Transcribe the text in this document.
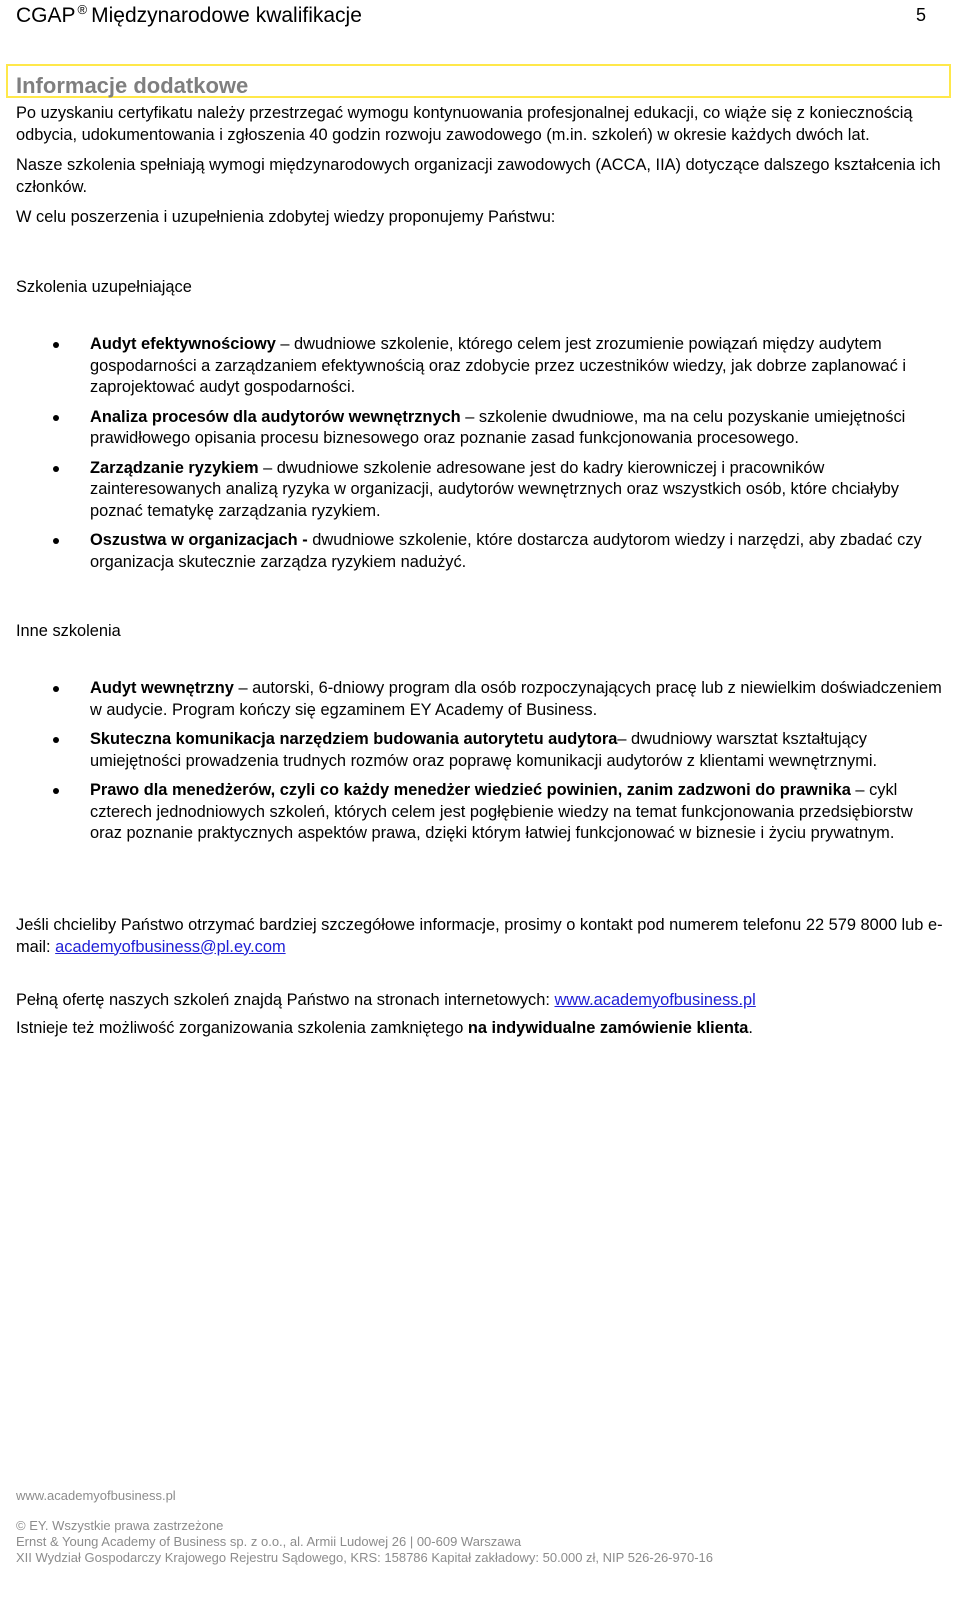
CGAP ® Międzynarodowe kwalifikacje	5
Informacje dodatkowe

Po uzyskaniu certyfikatu należy przestrzegać wymogu kontynuowania profesjonalnej edukacji, co wiąże się z koniecznością odbycia, udokumentowania i zgłoszenia 40 godzin rozwoju zawodowego (m.in. szkoleń) w okresie każdych dwóch lat.

Nasze szkolenia spełniają wymogi międzynarodowych organizacji zawodowych (ACCA, IIA) dotyczące dalszego kształcenia ich członków.

W celu poszerzenia i uzupełnienia zdobytej wiedzy proponujemy Państwu:

Szkolenia uzupełniające
Audyt efektywnościowy – dwudniowe szkolenie, którego celem jest zrozumienie powiązań między audytem gospodarności a zarządzaniem efektywnością oraz zdobycie przez uczestników wiedzy, jak dobrze zaplanować i zaprojektować audyt gospodarności.
Analiza procesów dla audytorów wewnętrznych – szkolenie dwudniowe, ma na celu pozyskanie umiejętności prawidłowego opisania procesu biznesowego oraz poznanie zasad funkcjonowania procesowego.
Zarządzanie ryzykiem – dwudniowe szkolenie adresowane jest do kadry kierowniczej i pracowników zainteresowanych analizą ryzyka w organizacji, audytorów wewnętrznych oraz wszystkich osób, które chciałyby poznać tematykę zarządzania ryzykiem.
Oszustwa w organizacjach - dwudniowe szkolenie, które dostarcza audytorom wiedzy i narzędzi, aby zbadać czy organizacja skutecznie zarządza ryzykiem nadużyć.
Inne szkolenia
Audyt wewnętrzny – autorski, 6-dniowy program dla osób rozpoczynających pracę lub z niewielkim doświadczeniem w audycie. Program kończy się egzaminem EY Academy of Business.
Skuteczna komunikacja narzędziem budowania autorytetu audytora– dwudniowy warsztat kształtujący umiejętności prowadzenia trudnych rozmów oraz poprawę komunikacji audytorów z klientami wewnętrznymi.
Prawo dla menedżerów, czyli co każdy menedżer wiedzieć powinien, zanim zadzwoni do prawnika – cykl czterech jednodniowych szkoleń, których celem jest pogłębienie wiedzy na temat funkcjonowania przedsiębiorstw oraz poznanie praktycznych aspektów prawa, dzięki którym łatwiej funkcjonować w biznesie i życiu prywatnym.

Jeśli chcieliby Państwo otrzymać bardziej szczegółowe informacje, prosimy o kontakt pod numerem telefonu 22 579 8000 lub e-mail: academyofbusiness@pl.ey.com

Pełną ofertę naszych szkoleń znajdą Państwo na stronach internetowych: www.academyofbusiness.pl

Istnieje też możliwość zorganizowania szkolenia zamkniętego na indywidualne zamówienie klienta.

www.academyofbusiness.pl
© EY. Wszystkie prawa zastrzeżone
Ernst & Young Academy of Business sp. z o.o., al. Armii Ludowej 26 | 00-609 Warszawa
XII Wydział Gospodarczy Krajowego Rejestru Sądowego, KRS: 158786 Kapitał zakładowy: 50.000 zł, NIP 526-26-970-16
